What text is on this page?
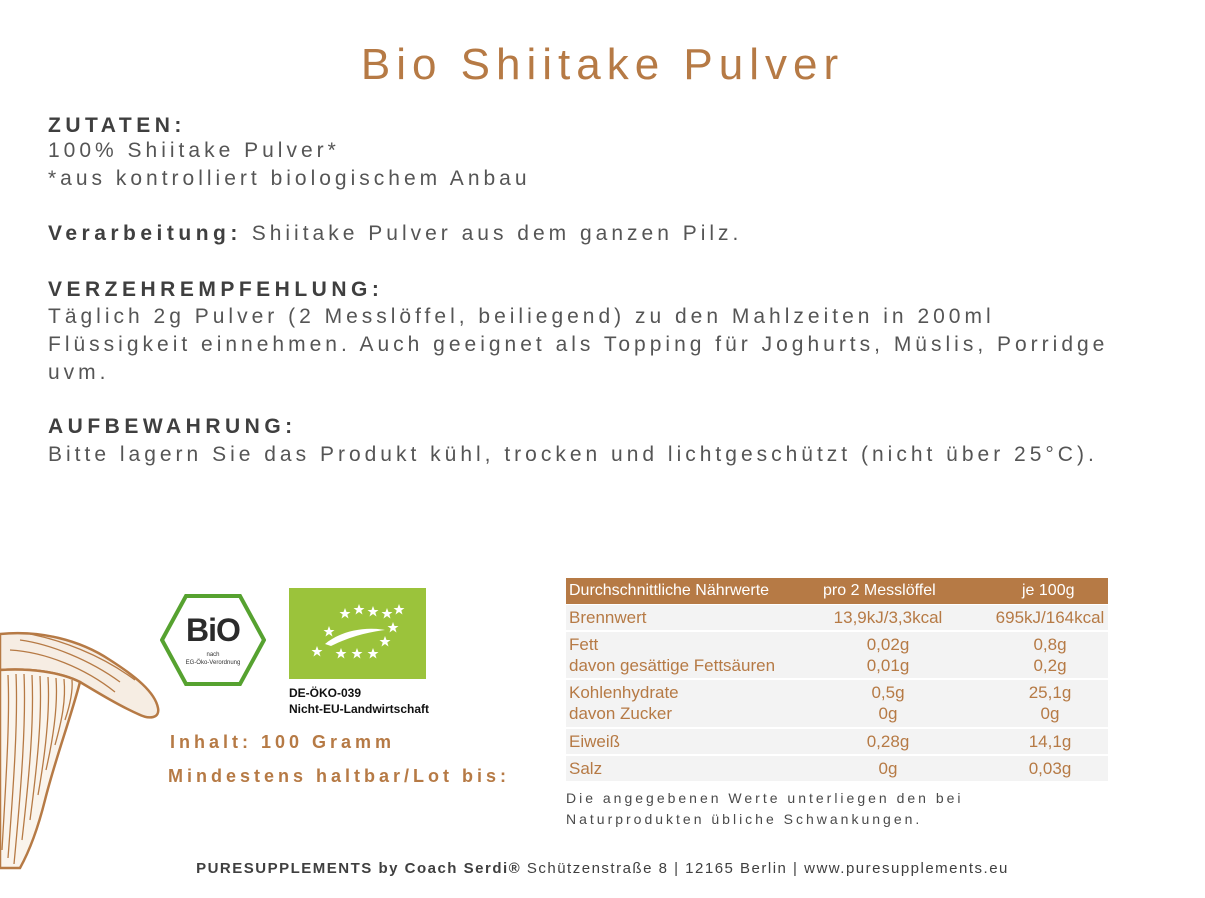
Bio Shiitake Pulver
ZUTATEN:
100% Shiitake Pulver*
*aus kontrolliert biologischem Anbau
Verarbeitung: Shiitake Pulver aus dem ganzen Pilz.
VERZEHREMPFEHLUNG:
Täglich 2g Pulver (2 Messlöffel, beiliegend) zu den Mahlzeiten in 200ml
Flüssigkeit einnehmen. Auch geeignet als Topping für Joghurts, Müslis, Porridge
uvm.
AUFBEWAHRUNG:
Bitte lagern Sie das Produkt kühl, trocken und lichtgeschützt (nicht über 25°C).
BiO
nach
EG-Öko-Verordnung
DE-ÖKO-039
Nicht-EU-Landwirtschaft
Inhalt: 100 Gramm
Mindestens haltbar/Lot bis:
Durchschnittliche Nährwerte	pro 2 Messlöffel	je 100g
Brennwert	13,9kJ/3,3kcal	695kJ/164kcal
Fett	0,02g	0,8g
davon gesättige Fettsäuren	0,01g	0,2g
Kohlenhydrate	0,5g	25,1g
davon Zucker	0g	0g
Eiweiß	0,28g	14,1g
Salz	0g	0,03g
Die angegebenen Werte unterliegen den bei
Naturprodukten übliche Schwankungen.
PURESUPPLEMENTS by Coach Serdi® Schützenstraße 8 | 12165 Berlin | www.puresupplements.eu
